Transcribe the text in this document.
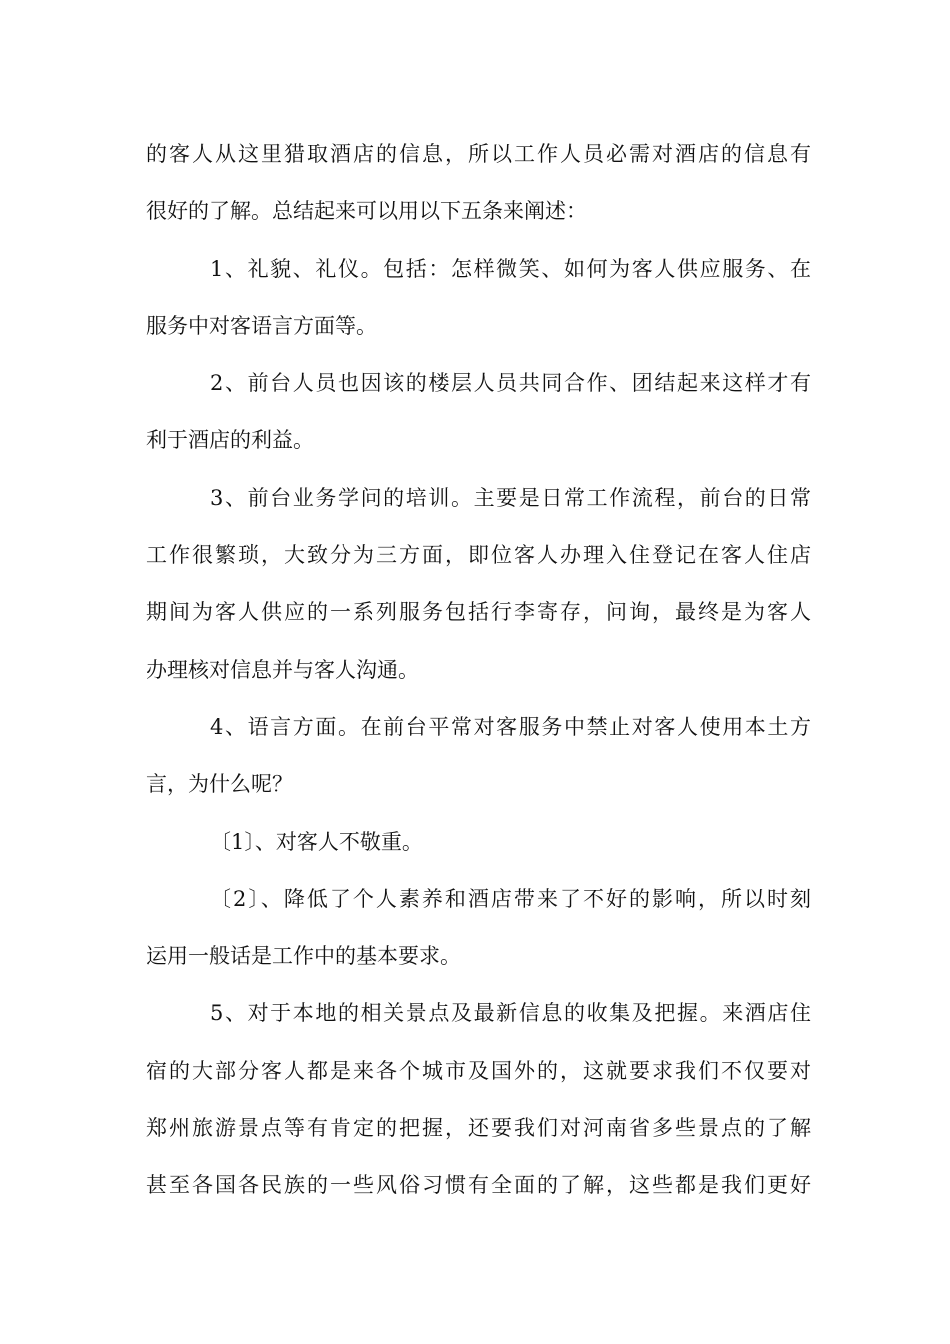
的客人从这里猎取酒店的信息，所以工作人员必需对酒店的信息有
很好的了解。总结起来可以用以下五条来阐述：
1、礼貌、礼仪。包括：怎样微笑、如何为客人供应服务、在
服务中对客语言方面等。
2、前台人员也因该的楼层人员共同合作、团结起来这样才有
利于酒店的利益。
3、前台业务学问的培训。主要是日常工作流程，前台的日常
工作很繁琐，大致分为三方面，即位客人办理入住登记在客人住店
期间为客人供应的一系列服务包括行李寄存，问询，最终是为客人
办理核对信息并与客人沟通。
4、语言方面。在前台平常对客服务中禁止对客人使用本土方
言，为什么呢？
〔1〕、对客人不敬重。
〔2〕、降低了个人素养和酒店带来了不好的影响，所以时刻
运用一般话是工作中的基本要求。
5、对于本地的相关景点及最新信息的收集及把握。来酒店住
宿的大部分客人都是来各个城市及国外的，这就要求我们不仅要对
郑州旅游景点等有肯定的把握，还要我们对河南省多些景点的了解
甚至各国各民族的一些风俗习惯有全面的了解，这些都是我们更好
